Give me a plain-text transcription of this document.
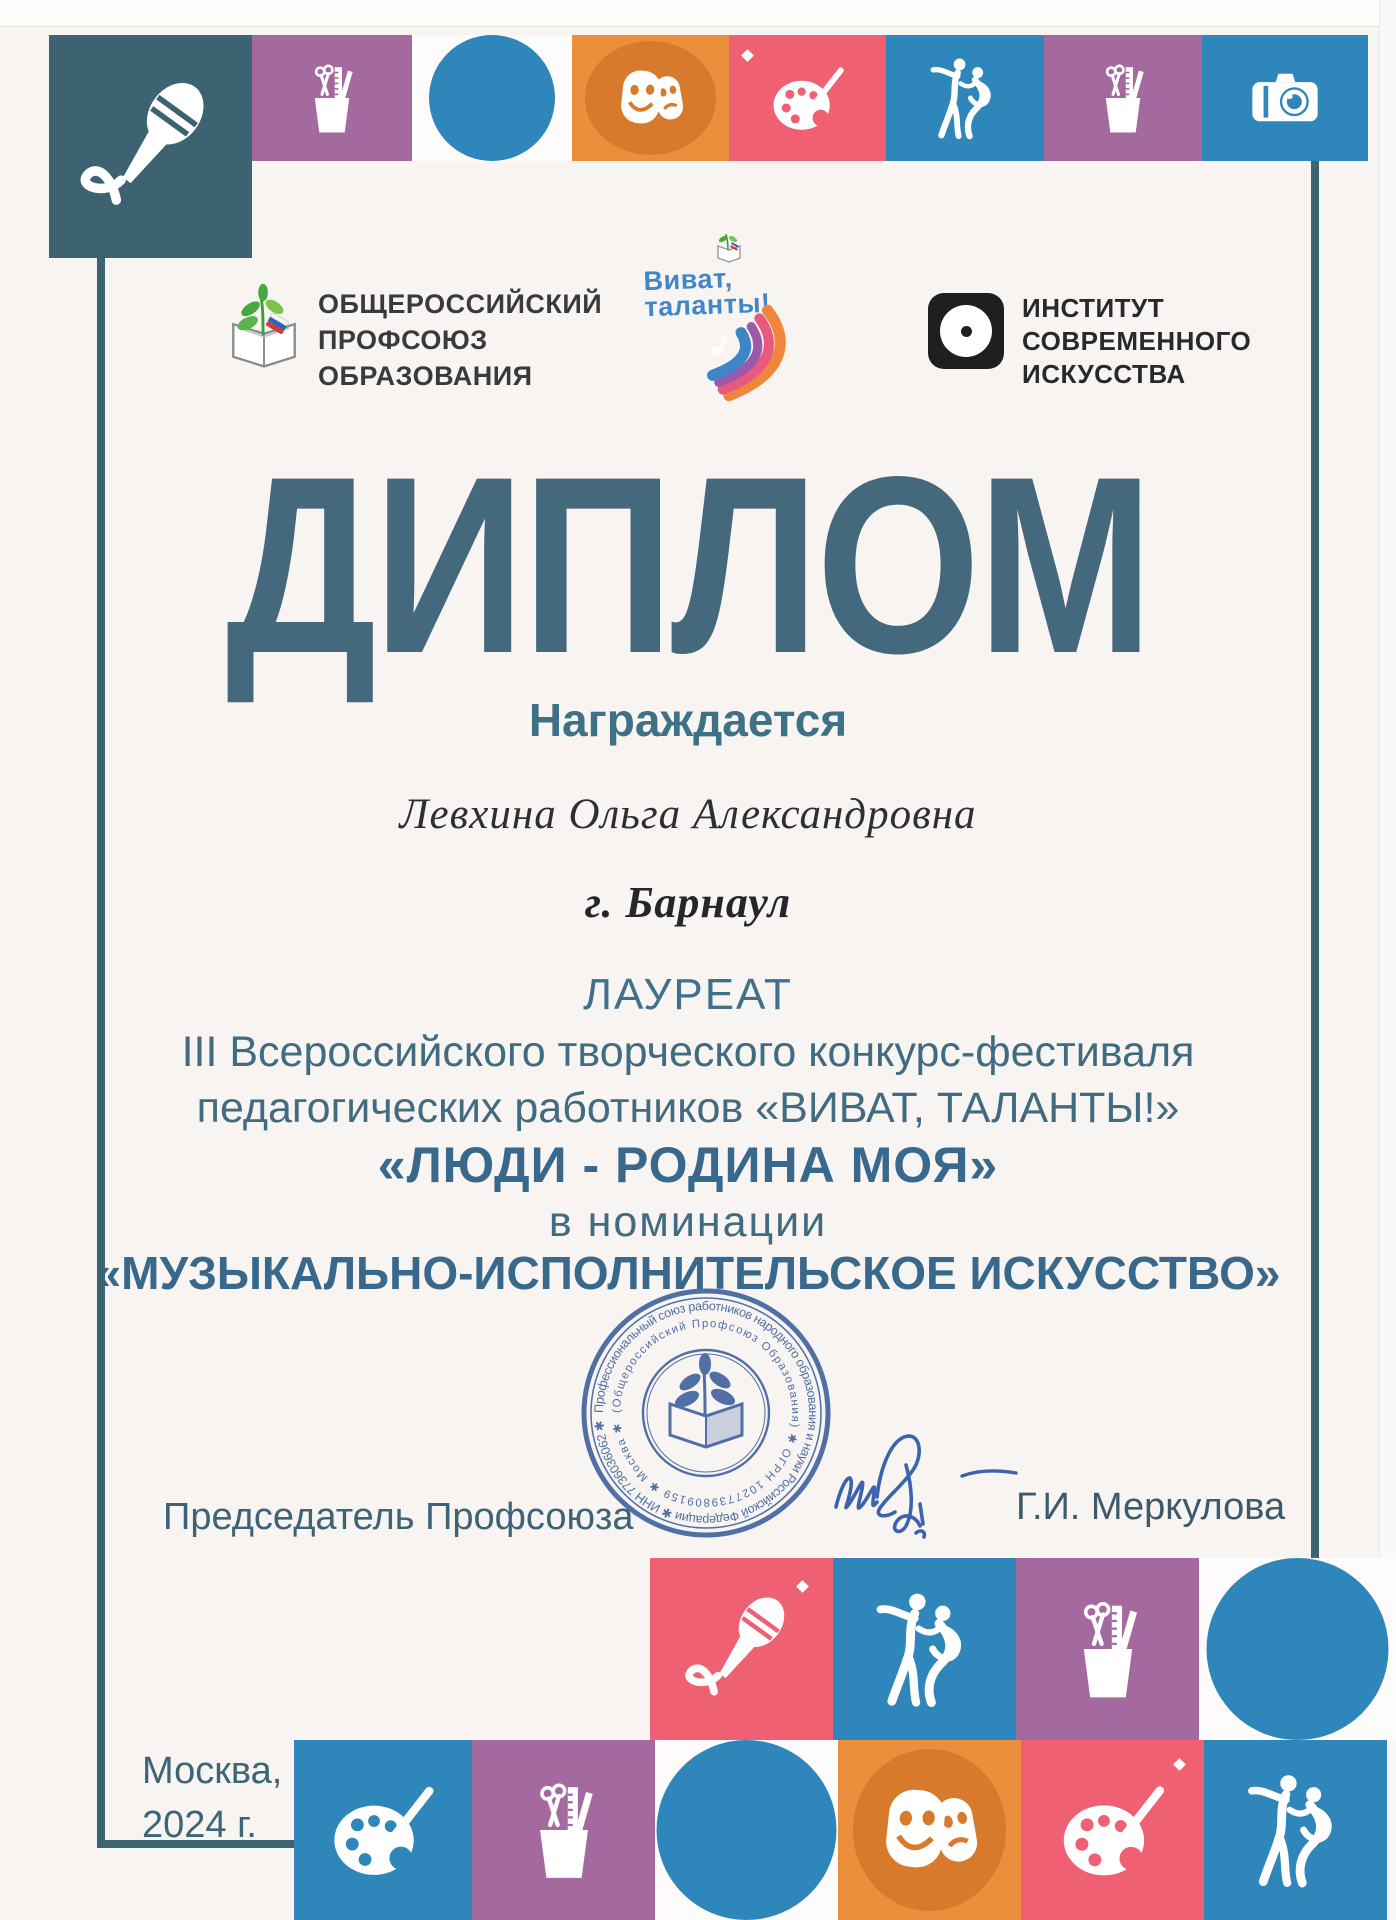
ОБЩЕРОССИЙСКИЙ
ПРОФСОЮЗ
ОБРАЗОВАНИЯ
Виват,
таланты!	ИНСТИТУТ
СОВРЕМЕННОГО
ИСКУССТВА
ДИПЛОМ
Награждается
Левхина Ольга Александровна
г. Барнаул
ЛАУРЕАТ
III Всероссийского творческого конкурс-фестиваля
педагогических работников «ВИВАТ, ТАЛАНТЫ!»
«ЛЮДИ - РОДИНА МОЯ»
в номинации
«МУЗЫКАЛЬНО-ИСПОЛНИТЕЛЬСКОЕ ИСКУССТВО»
Профессиональный союз работников народного образования и науки Российской Федерации ✱ ИНН 7736036062 ✱
(Общероссийский Профсоюз Образования) ✱ ОГРН 1027739809159 ✱ Москва ✱
Председатель Профсоюза	Г.И. Меркулова
Москва,
2024 г.
